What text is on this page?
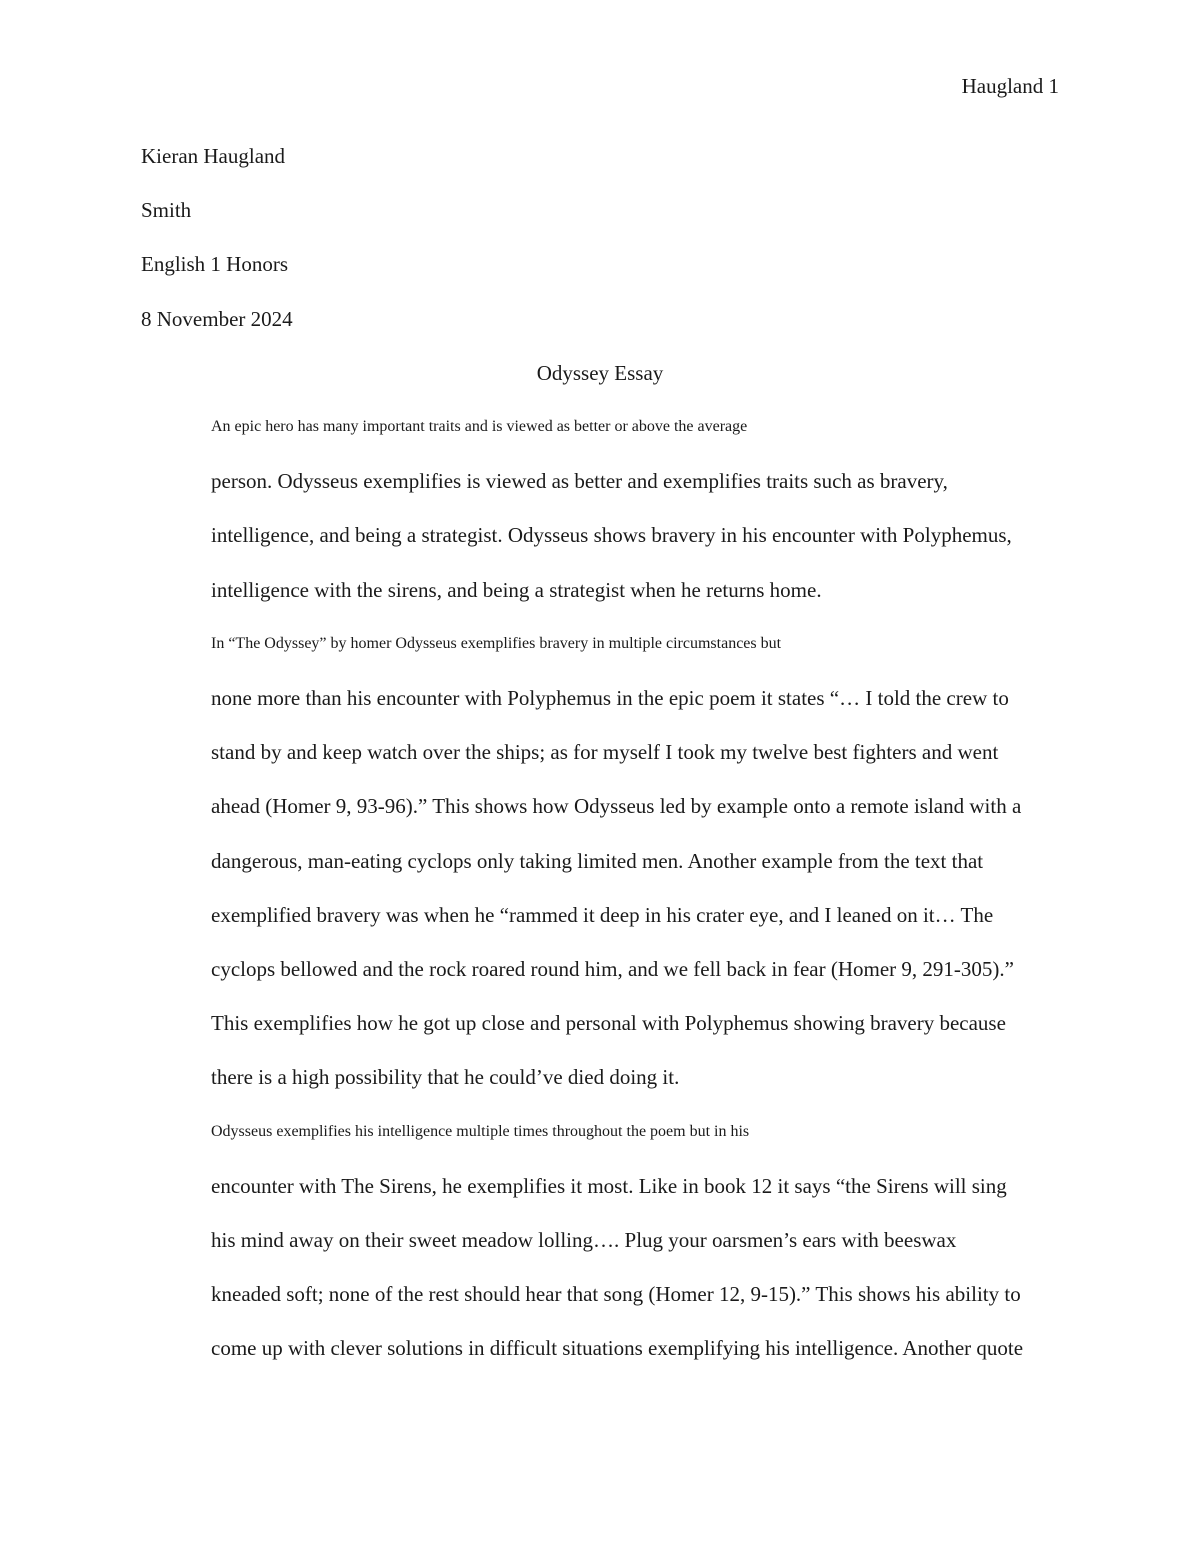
Haugland 1
Kieran Haugland
Smith
English 1 Honors
8 November 2024
Odyssey Essay

An epic hero has many important traits and is viewed as better or above the average
person. Odysseus exemplifies is viewed as better and exemplifies traits such as bravery,
intelligence, and being a strategist. Odysseus shows bravery in his encounter with Polyphemus,
intelligence with the sirens, and being a strategist when he returns home.

In “The Odyssey” by homer Odysseus exemplifies bravery in multiple circumstances but
none more than his encounter with Polyphemus in the epic poem it states “… I told the crew to
stand by and keep watch over the ships; as for myself I took my twelve best fighters and went
ahead (Homer 9, 93-96).” This shows how Odysseus led by example onto a remote island with a
dangerous, man-eating cyclops only taking limited men. Another example from the text that
exemplified bravery was when he “rammed it deep in his crater eye, and I leaned on it… The
cyclops bellowed and the rock roared round him, and we fell back in fear (Homer 9, 291-305).”
This exemplifies how he got up close and personal with Polyphemus showing bravery because
there is a high possibility that he could’ve died doing it.

Odysseus exemplifies his intelligence multiple times throughout the poem but in his
encounter with The Sirens, he exemplifies it most. Like in book 12 it says “the Sirens will sing
his mind away on their sweet meadow lolling…. Plug your oarsmen’s ears with beeswax
kneaded soft; none of the rest should hear that song (Homer 12, 9-15).” This shows his ability to
come up with clever solutions in difficult situations exemplifying his intelligence. Another quote
